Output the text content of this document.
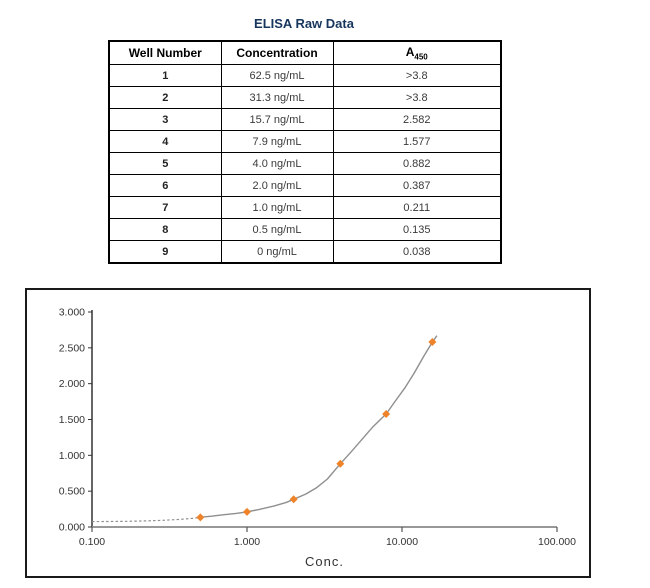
ELISA Raw Data
Well Number	Concentration	$A_{450}$
1	62.5 ng/mL	>3.8
2	31.3 ng/mL	>3.8
3	15.7 ng/mL	2.582
4	7.9 ng/mL	1.577
5	4.0 ng/mL	0.882
6	2.0 ng/mL	0.387
7	1.0 ng/mL	0.211
8	0.5 ng/mL	0.135
9	0 ng/mL	0.038
0.000
0.500
1.000
1.500
2.000
2.500
3.000
0.100	1.000	10.000	100.000
Conc.
